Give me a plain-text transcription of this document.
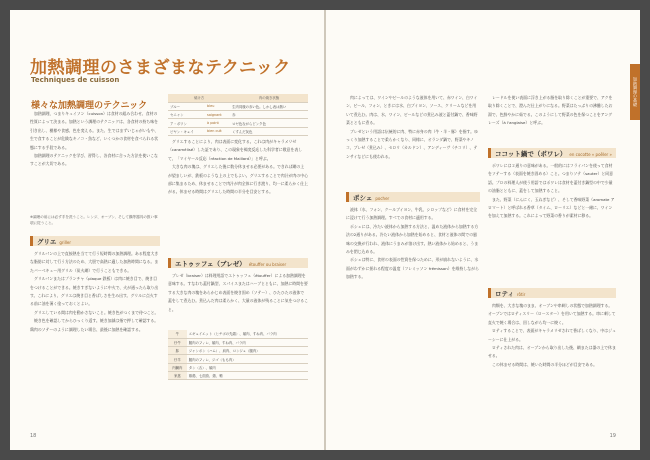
加熱調理のさまざまなテクニック
Techniques de cuisson
様々な加熱調理のテクニック

加熱調理、つまりキュイソン（cuisson）は食材の組み合わせ、食材の性質によって決まる。加熱という調理のテクニックは、各食材の持ち味を引き出し、模様や食感、色を変える。また、生ではまずいじゃがいもや、生で食することが危険なキノコ・魚など、いくつかの食材を食べられる状態にする手段である。

加熱調理のテクニックを学び、習得し、各食材に合った方法を使いこなすことが大切である。

※調理の前には必ず手を洗うこと。レンジ、オーブン、そして鍋等器具の扱い事項に従うこと。
グリエ griller

グリルパンの上で直接熱を当てて行う短時間の加熱調理。ある程度大きな脂肪に対して行う方法のため、大胆で高熱に適した加熱時間になる。またバーベキュー用グリル（炭火網）で行うこともできる。

グリルパンまたはプランチャ（plaque 鉄板）は肉に焼き目で、焼き目をつけることができる。焼きすぎないように中火で、火が通ったら取り出す。これにより、グリエは焼き目と香ばしさを生み出す。グリルに点火する前に油を薄く塗っておくとよい。

グリエしている間は肉を動かさないこと。焼き色がつくまで待つこと。

焼き色を確認してからひっくり返す。焼き加減は指で押して確認する。鶏肉のソテーのように調理したい場合、最後に加熱を確認する。

焼け方		肉の焼き状態
ブルー	bleu	生肉同様の赤い色。しかし表は熱い
セニャン	saignant	赤
ア・ポワン	à point	ロゼ色ながらピンク色
ビヤン・キュイ	bien cuit	くすんだ灰色

グリエすることにより、肉は表面に変化する。これは肉がキャラメリゼ（caramélisé）した証であり、この現象を褐変反応した科学者に敬意を表して、「マイヤール反応（réaction de Maillard）」と呼ぶ。

大きな肉の塊は、グリエした後に数分休ませる必要がある。できれば網の上が望ましいが、鉄板のような上の上でもよい。グリエすることで肉汁が肉の中心部に集まるため、休ませることで肉汁が肉全体に行き渡り、均一に柔らかく仕上がる。休ませる時間はグリエした時間の半分を目安とする。

エトゥッフェ（ブレゼ） étouffer ou braiser

ブレゼ（braiser）は料理用語でエトゥッフェ（étouffer）による加熱調理を意味する。すなわち蓋付鍋型、スパイスまたはハーブとともに、加熱に時間を要する大きな肉の塊をあらかじめ表面を焼き固め（ソテー）、ひたひたの液体で蓋をして煮込む。煮込んだ肉は柔らかく、大量の液体が残ることに気をつけること。

牛	エギュイエット（ヒチボの先端）、頬肉、すね肉、バラ肉
仔牛	腰肉のフィレ、頬肉、すね肉、バラ肉
豚	ジャンボン（ハム）、肩肉、ロンジュ（腰肉）
仔羊	腰肉のフィレ、ジゴ（もも肉）
内臓肉	タン（舌）、頬肉
家禽	雄鶏、七面鳥、鶏、鴨
18

肉によっては、ワインやビールのような液体を用いて、赤ワイン、白ワイン、ビール、フォン、ときには水、白ブイヨン、ソース、クリームなどを用いて煮込む。肉は、水、ワイン、ビールなどの煮込み液と蓋付鍋で、香味野菜とともに煮る。

ブレゼという用語は伝統的に肉、特に赤身の肉（牛・羊・豚）を指す。ゆっくり加熱することで柔らかくなり、同様に、オランダ鍋で、野菜やキノコ、ブレゼ（煮込み）、セロリ（カルドン）、アンディーヴ（チコリ）、テンサイなどにも使われる。

ポシェ pocher

液体（水、フォン、クールブイヨン、牛乳、シロップなど）に食材を完全に浸けて行う加熱調理。すべての食材に適用する。

ポシェには、冷たい液体から加熱する方法と、温めた液体から加熱する方法の2通りがある。冷たい液体から加熱を始めると、食材と液体の間での風味の交換が行われ、液体にうまみが溶け出す。熱い液体から始めると、うまみを閉じ込める。

ポシェは特に、食材の表面の性質を保つために、形が崩れないように、水面がわずかに揺れる程度の温度（フレミッソン frémisson）を維持しながら加熱する。

レードルを使い表面に浮き上がる脂を取り除くことが重要で、アクを取り除くことで、澄んだ仕上がりになる。野菜はたっぷりの沸騰したお湯で、色鮮やかに茹でる。このようにして野菜の色を保つことをアングレーズ（à l'anglaise）と呼ぶ。

ココット鍋で（ポワレ） en cocotte « poêler »

ポワレには２通りの意味がある。一般的にはフライパンを使って食材をソテーする（表面を焼き固める）こと。つまりソテ（sauter）と同意語。プロの料理人が使う用語ではポワレは食材を蓋付き鍋型の中で少量の油脂とともに、蓋をして加熱すること。

また、野菜（にんにく、玉ねぎなど）、そして香味野菜（aromate アロマート）と呼ばれる香草（タイム、ローリエ）などと一緒に、ワインを加えて加熱する。これによって野菜の香りが素材に移る。

ロティ rôtir

肉類を、大きな塊のまま、オーブンや串刺しの状態で加熱調理する。オーブンではロティスリー（ロースター）を用いて加熱する。串に刺して直火で焼く場合は、回しながら均一に焼く。

ロティすることで、表面がキャラメリゼされて香ばしくなり、中はジューシーに仕上がる。

ロティされた肉は、オーブンから取り出した後、網または器の上で休ませる。

この休ませる時間は、焼いた時間の半分ほどが目安である。

加熱調理の基礎
19
